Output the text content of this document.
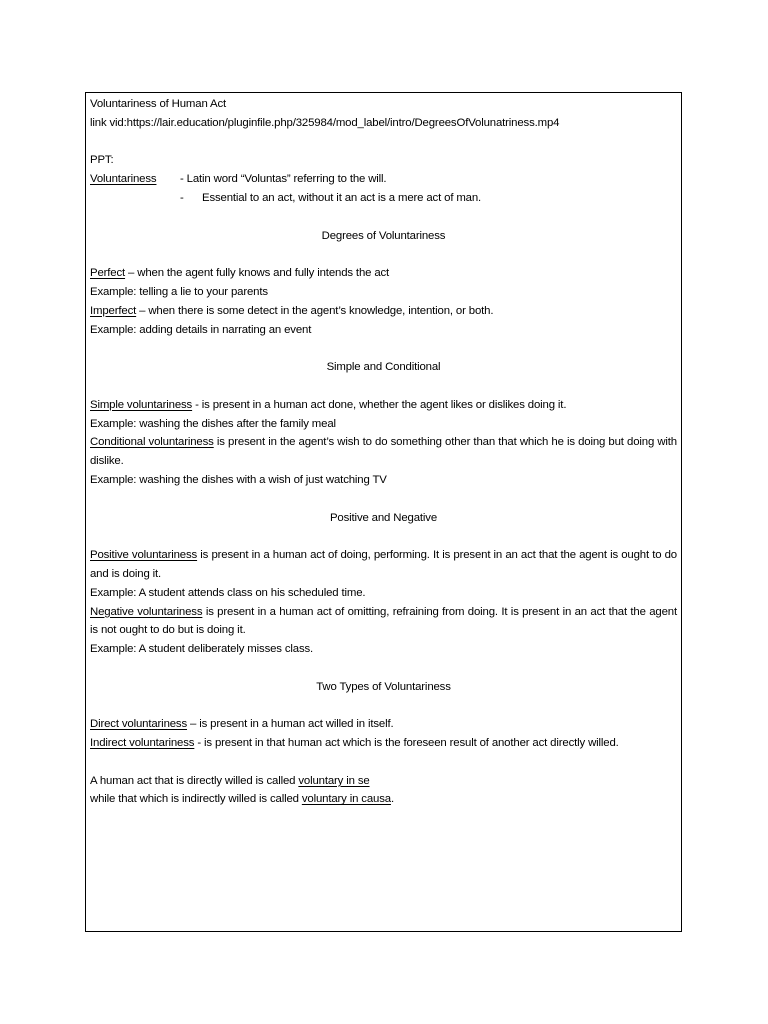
Voluntariness of Human Act
link vid:https://lair.education/pluginfile.php/325984/mod_label/intro/DegreesOfVolunatriness.mp4
PPT:
Voluntariness - Latin word “Voluntas” referring to the will.
- Essential to an act, without it an act is a mere act of man.
Degrees of Voluntariness
Perfect – when the agent fully knows and fully intends the act
Example: telling a lie to your parents
Imperfect – when there is some detect in the agent’s knowledge, intention, or both.
Example: adding details in narrating an event
Simple and Conditional
Simple voluntariness - is present in a human act done, whether the agent likes or dislikes doing it.
Example: washing the dishes after the family meal
Conditional voluntariness is present in the agent’s wish to do something other than that which he is doing but doing with dislike.
Example: washing the dishes with a wish of just watching TV
Positive and Negative
Positive voluntariness is present in a human act of doing, performing. It is present in an act that the agent is ought to do and is doing it.
Example: A student attends class on his scheduled time.
Negative voluntariness is present in a human act of omitting, refraining from doing. It is present in an act that the agent is not ought to do but is doing it.
Example: A student deliberately misses class.
Two Types of Voluntariness
Direct voluntariness – is present in a human act willed in itself.
Indirect voluntariness - is present in that human act which is the foreseen result of another act directly willed.
A human act that is directly willed is called voluntary in se
while that which is indirectly willed is called voluntary in causa.
